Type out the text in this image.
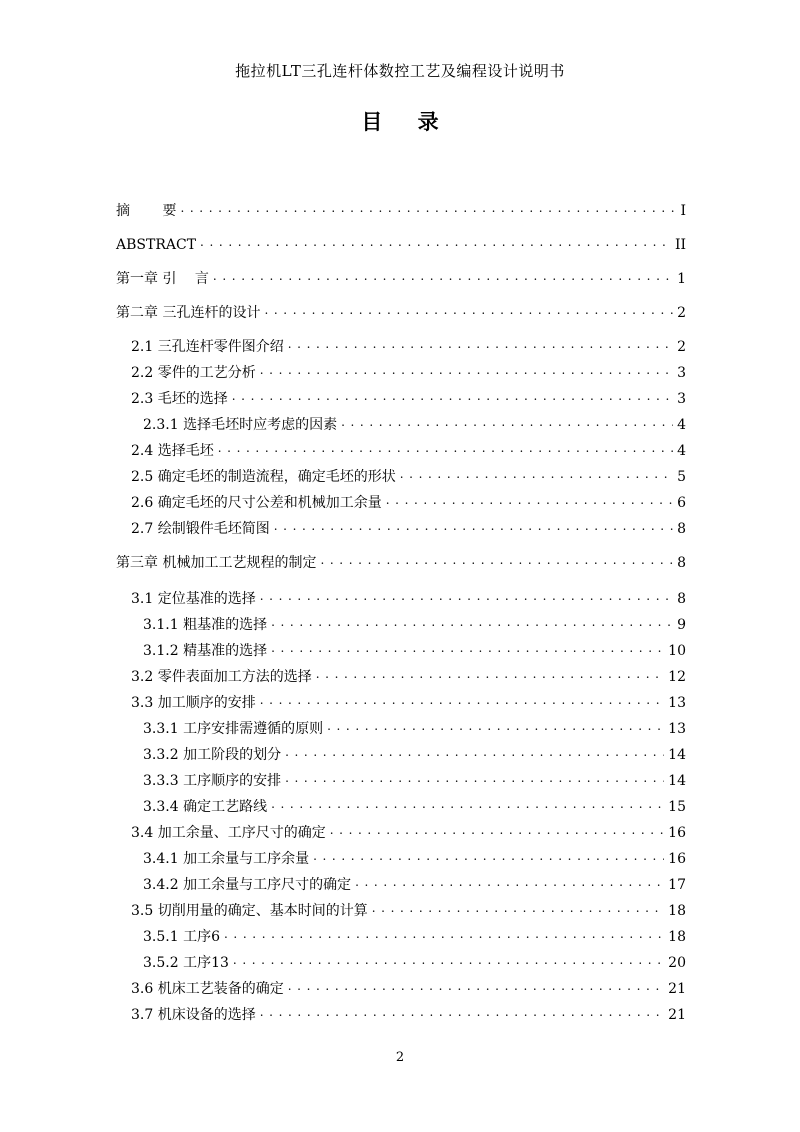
拖拉机LT三孔连杆体数控工艺及编程设计说明书
目 录
摘　　 要 . . .	I
ABSTRACT . . .	II
第一章 引　 言 . . .	1
第二章 三孔连杆的设计 . . .	2
2.1 三孔连杆零件图介绍 . . .	2
2.2 零件的工艺分析 . . .	3
2.3 毛坯的选择 . . .	3
2.3.1 选择毛坯时应考虑的因素 . . .	4
2.4 选择毛坯 . . .	4
2.5 确定毛坯的制造流程，确定毛坯的形状 . . .	5
2.6 确定毛坯的尺寸公差和机械加工余量 . . .	6
2.7 绘制锻件毛坯简图 . . .	8
第三章 机械加工工艺规程的制定 . . .	8
3.1 定位基准的选择 . . .	8
3.1.1 粗基准的选择 . . .	9
3.1.2 精基准的选择 . . .	10
3.2 零件表面加工方法的选择 . . .	12
3.3 加工顺序的安排 . . .	13
3.3.1 工序安排需遵循的原则 . . .	13
3.3.2 加工阶段的划分 . . .	14
3.3.3 工序顺序的安排 . . .	14
3.3.4 确定工艺路线 . . .	15
3.4 加工余量、工序尺寸的确定 . . .	16
3.4.1 加工余量与工序余量 . . .	16
3.4.2 加工余量与工序尺寸的确定 . . .	17
3.5 切削用量的确定、基本时间的计算 . . .	18
3.5.1 工序6 . . .	18
3.5.2 工序13 . . .	20
3.6 机床工艺装备的确定 . . .	21
3.7 机床设备的选择 . . .	21
2
